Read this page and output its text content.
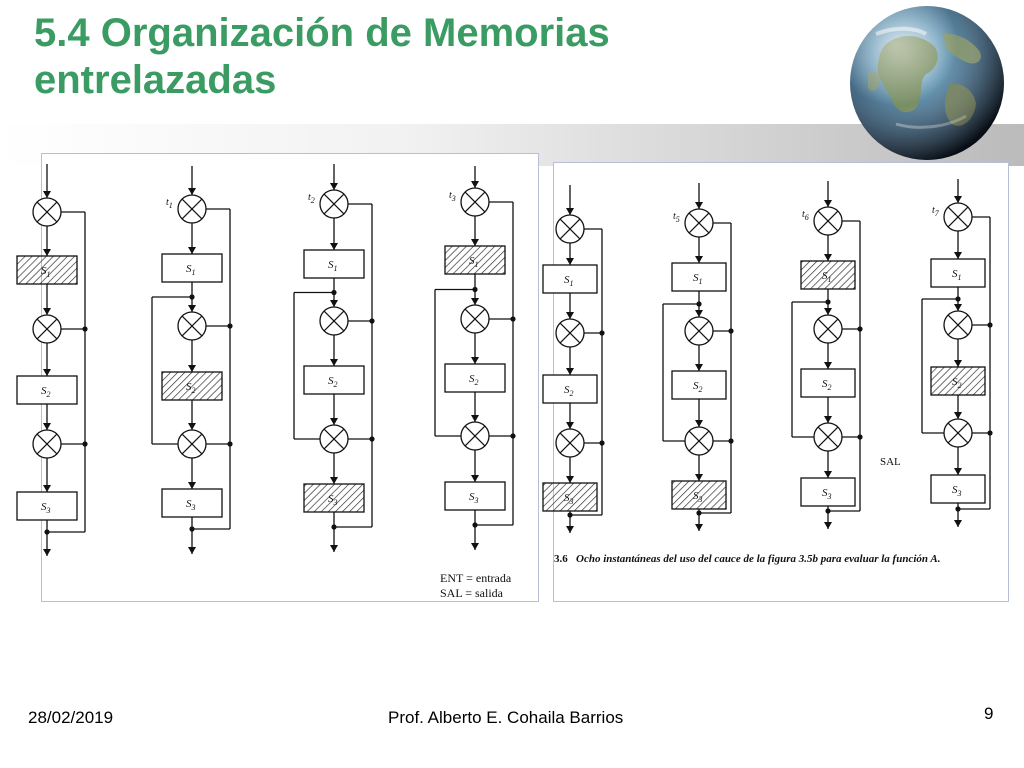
5.4 Organización de Memorias
entrelazadas
$S_1$
$S_2$
$S_3$
$t_1$
$S_1$
$S_2$
$S_3$
$t_2$
$S_1$
$S_2$
$S_3$
$t_3$
$S_1$
$S_2$
$S_3$
ENT = entrada
SAL = salida
$S_1$
$S_2$
$S_3$
$t_5$
$S_1$
$S_2$
$S_3$
$t_6$
$S_1$
$S_2$
$S_3$
$t_7$
$S_1$
$S_2$
$S_3$
SAL
3.6 Ocho instantáneas del uso del cauce de la figura 3.5b para evaluar la función A.
28/02/2019	Prof. Alberto E. Cohaila Barrios	9
